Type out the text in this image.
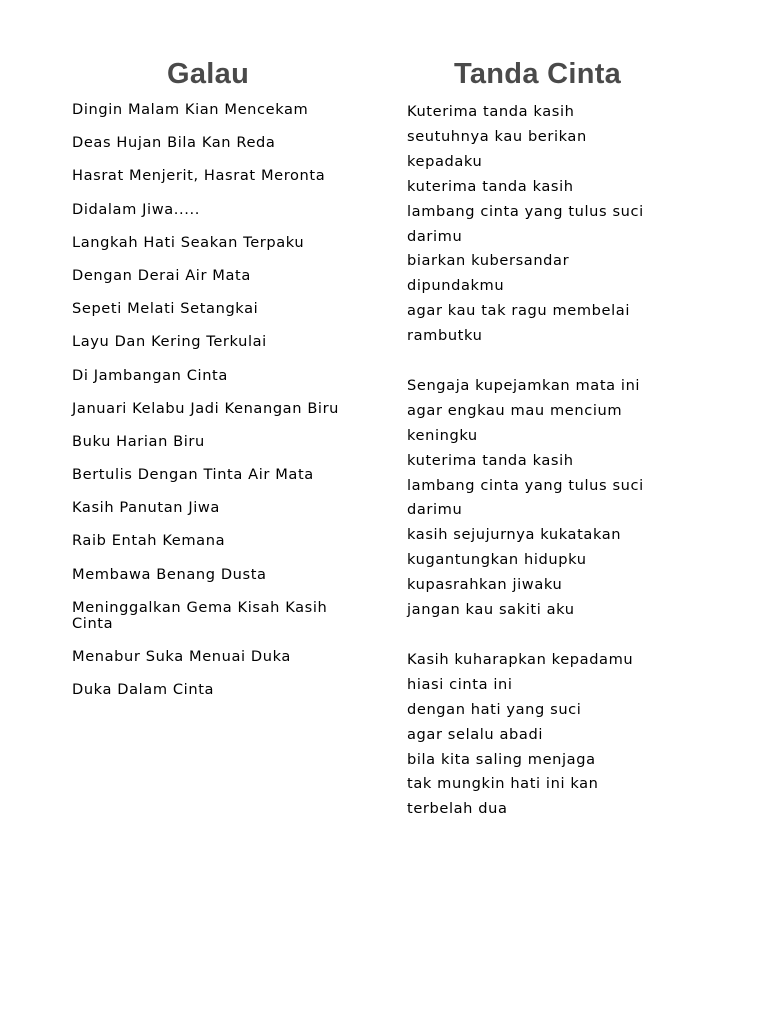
Galau
Dingin Malam Kian Mencekam
Deas Hujan Bila Kan Reda
Hasrat Menjerit, Hasrat Meronta
Didalam Jiwa.....
Langkah Hati Seakan Terpaku
Dengan Derai Air Mata
Sepeti Melati Setangkai
Layu Dan Kering Terkulai
Di Jambangan Cinta
Januari Kelabu Jadi Kenangan Biru
Buku Harian Biru
Bertulis Dengan Tinta Air Mata
Kasih Panutan Jiwa
Raib Entah Kemana
Membawa Benang Dusta
Meninggalkan Gema Kisah Kasih Cinta
Menabur Suka Menuai Duka
Duka Dalam Cinta
Tanda Cinta
Kuterima tanda kasih
seutuhnya kau berikan
kepadaku
kuterima tanda kasih
lambang cinta yang tulus suci
darimu
biarkan kubersandar
dipundakmu
agar kau tak ragu membelai
rambutku
Sengaja kupejamkan mata ini
agar engkau mau mencium
keningku
kuterima tanda kasih
lambang cinta yang tulus suci
darimu
kasih sejujurnya kukatakan
kugantungkan hidupku
kupasrahkan jiwaku
jangan kau sakiti aku
Kasih kuharapkan kepadamu
hiasi cinta ini
dengan hati yang suci
agar selalu abadi
bila kita saling menjaga
tak mungkin hati ini kan
terbelah dua
